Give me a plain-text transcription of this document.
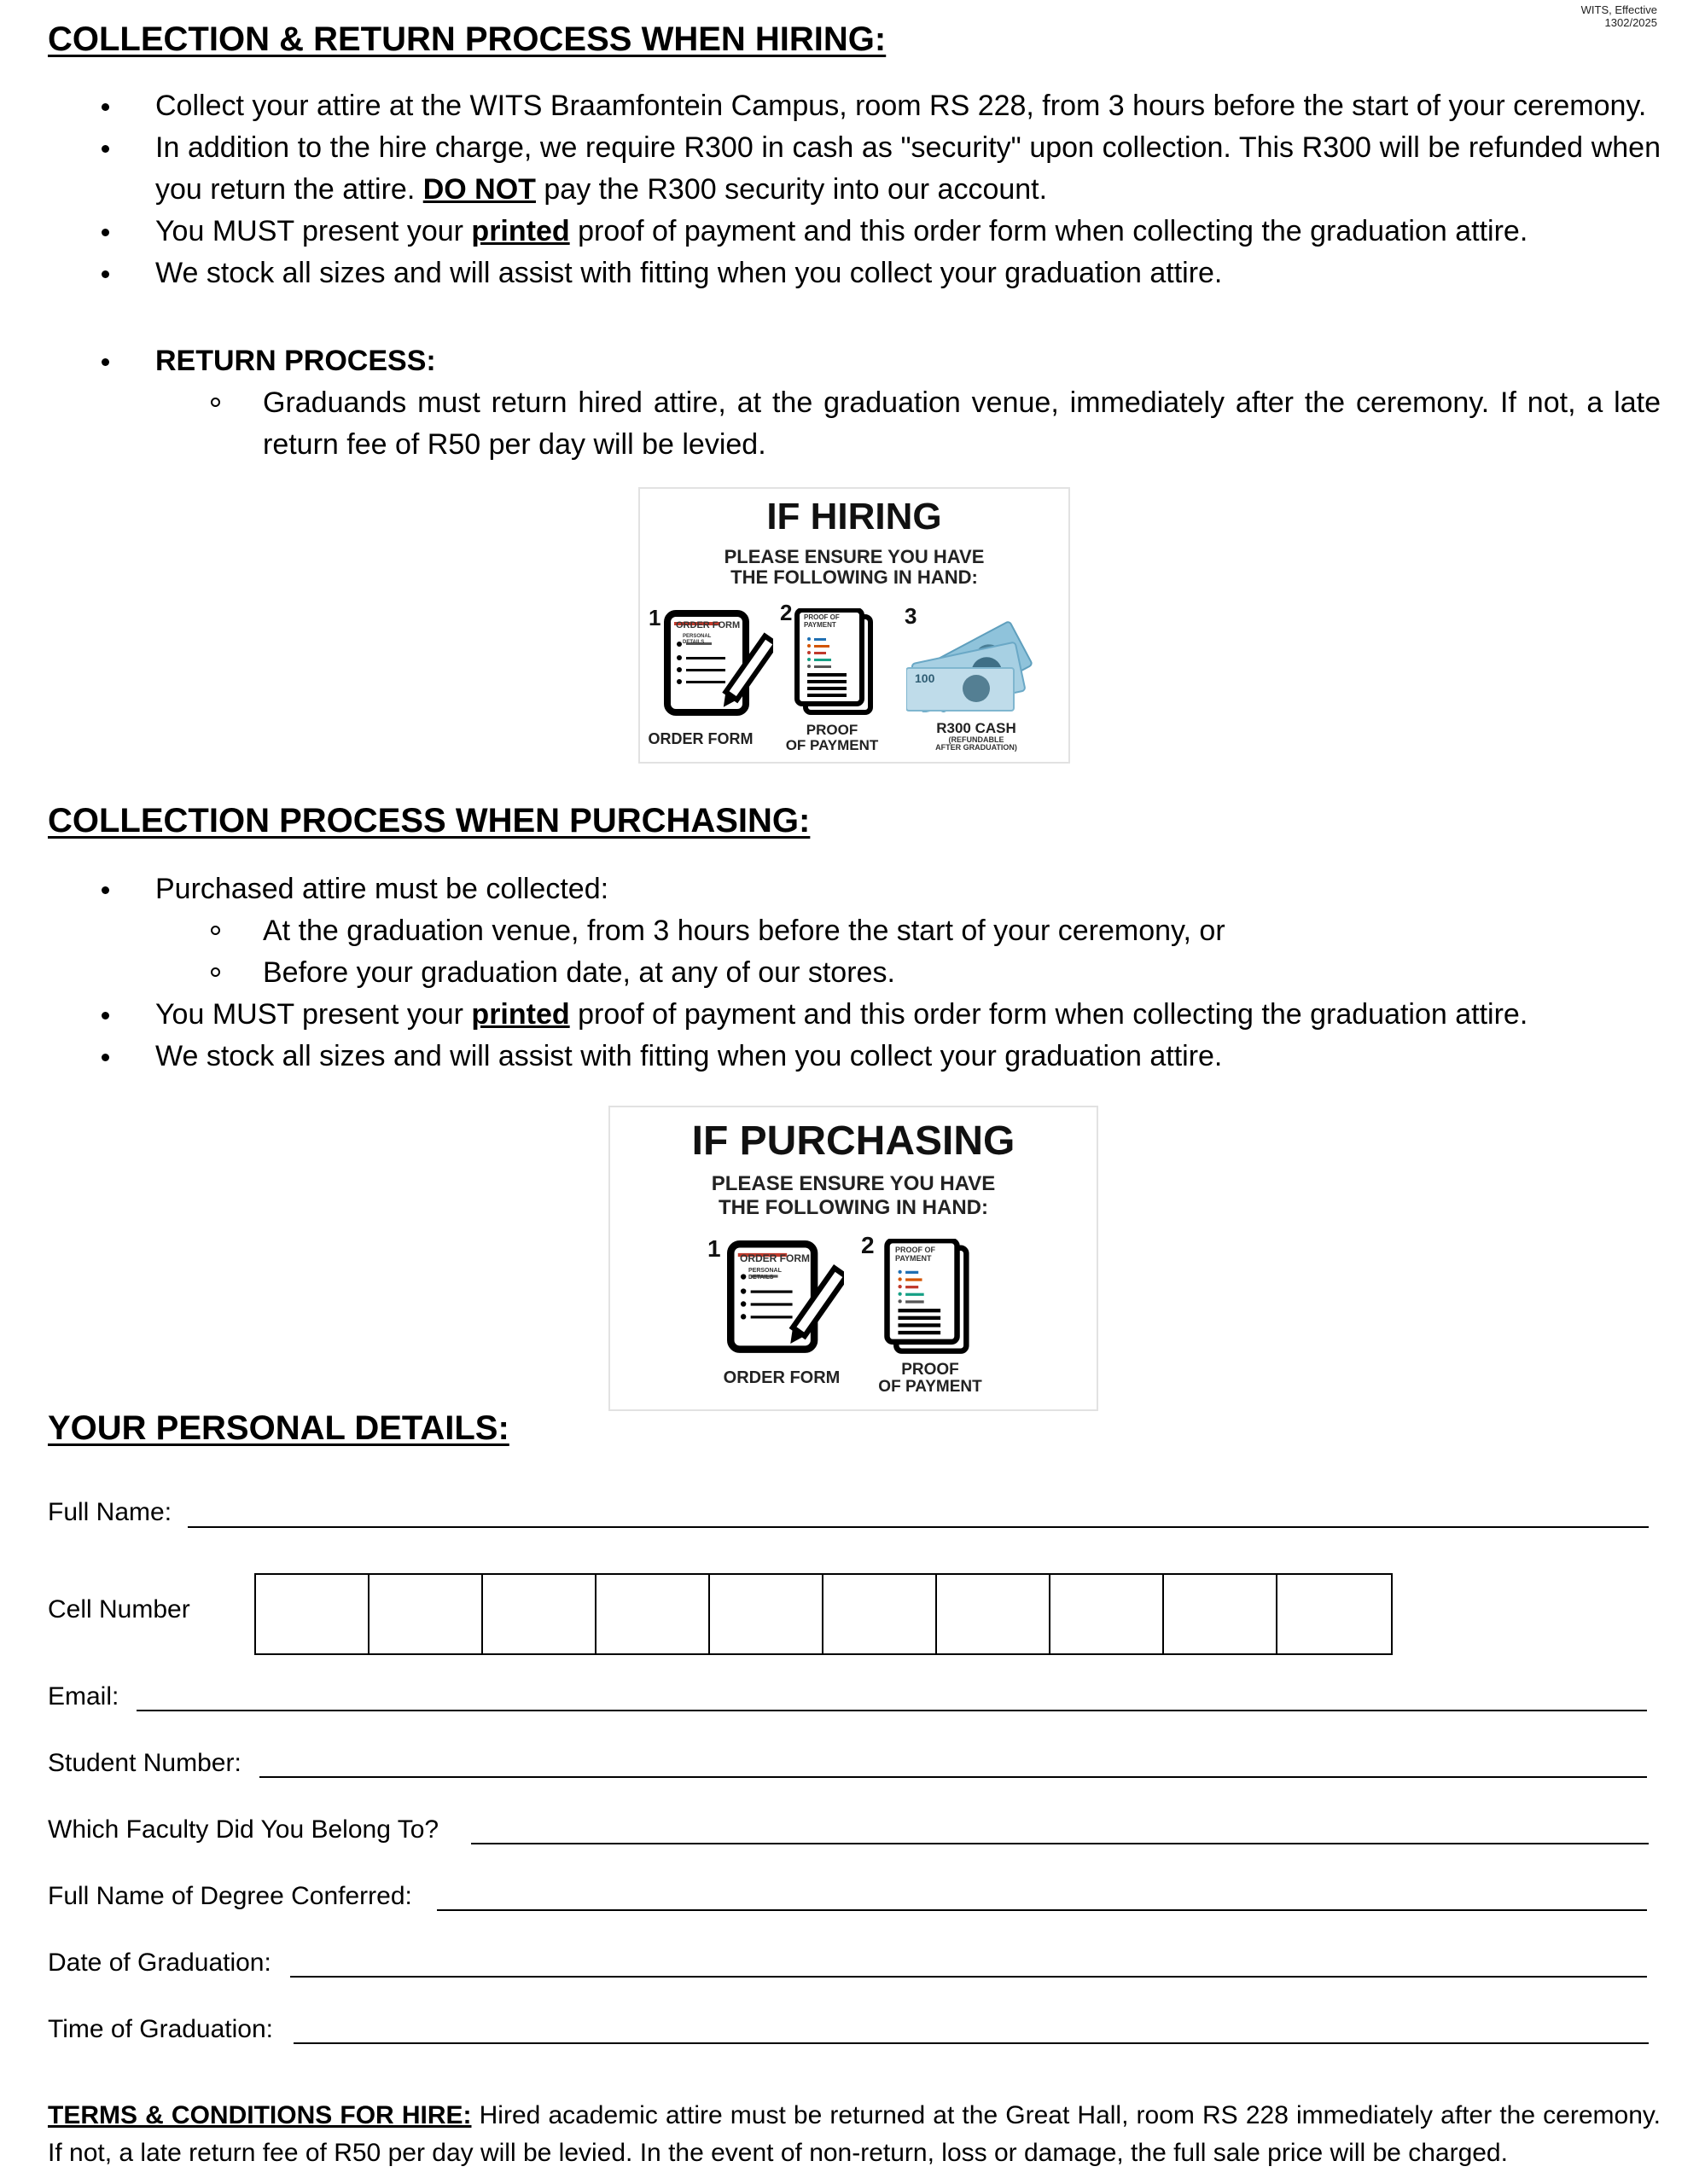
WITS, Effective
1302/2025
COLLECTION & RETURN PROCESS WHEN HIRING:
Collect your attire at the WITS Braamfontein Campus, room RS 228, from 3 hours before the start of your ceremony.
In addition to the hire charge, we require R300 in cash as "security" upon collection. This R300 will be refunded when you return the attire. DO NOT pay the R300 security into our account.
You MUST present your printed proof of payment and this order form when collecting the graduation attire.
We stock all sizes and will assist with fitting when you collect your graduation attire.
RETURN PROCESS:
Graduands must return hired attire, at the graduation venue, immediately after the ceremony. If not, a late return fee of R50 per day will be levied.
IF HIRING
PLEASE ENSURE YOU HAVE
THE FOLLOWING IN HAND:
1	2	3
ORDER FORM
PERSONAL DETAILS
PROOF OF PAYMENT
100
ORDER FORM
PROOF
OF PAYMENT
R300 CASH
(REFUNDABLE
AFTER GRADUATION)
COLLECTION PROCESS WHEN PURCHASING:
Purchased attire must be collected:
At the graduation venue, from 3 hours before the start of your ceremony, or
Before your graduation date, at any of our stores.
You MUST present your printed proof of payment and this order form when collecting the graduation attire.
We stock all sizes and will assist with fitting when you collect your graduation attire.
IF PURCHASING
PLEASE ENSURE YOU HAVE
THE FOLLOWING IN HAND:
1	2
ORDER FORM
PERSONAL DETAILS
PROOF OF PAYMENT
ORDER FORM	PROOF
OF PAYMENT
YOUR PERSONAL DETAILS:
Full Name:
Cell Number
Email:
Student Number:
Which Faculty Did You Belong To?
Full Name of Degree Conferred:
Date of Graduation:
Time of Graduation:
TERMS & CONDITIONS FOR HIRE: Hired academic attire must be returned at the Great Hall, room RS 228 immediately after the ceremony. If not, a late return fee of R50 per day will be levied. In the event of non-return, loss or damage, the full sale price will be charged.
